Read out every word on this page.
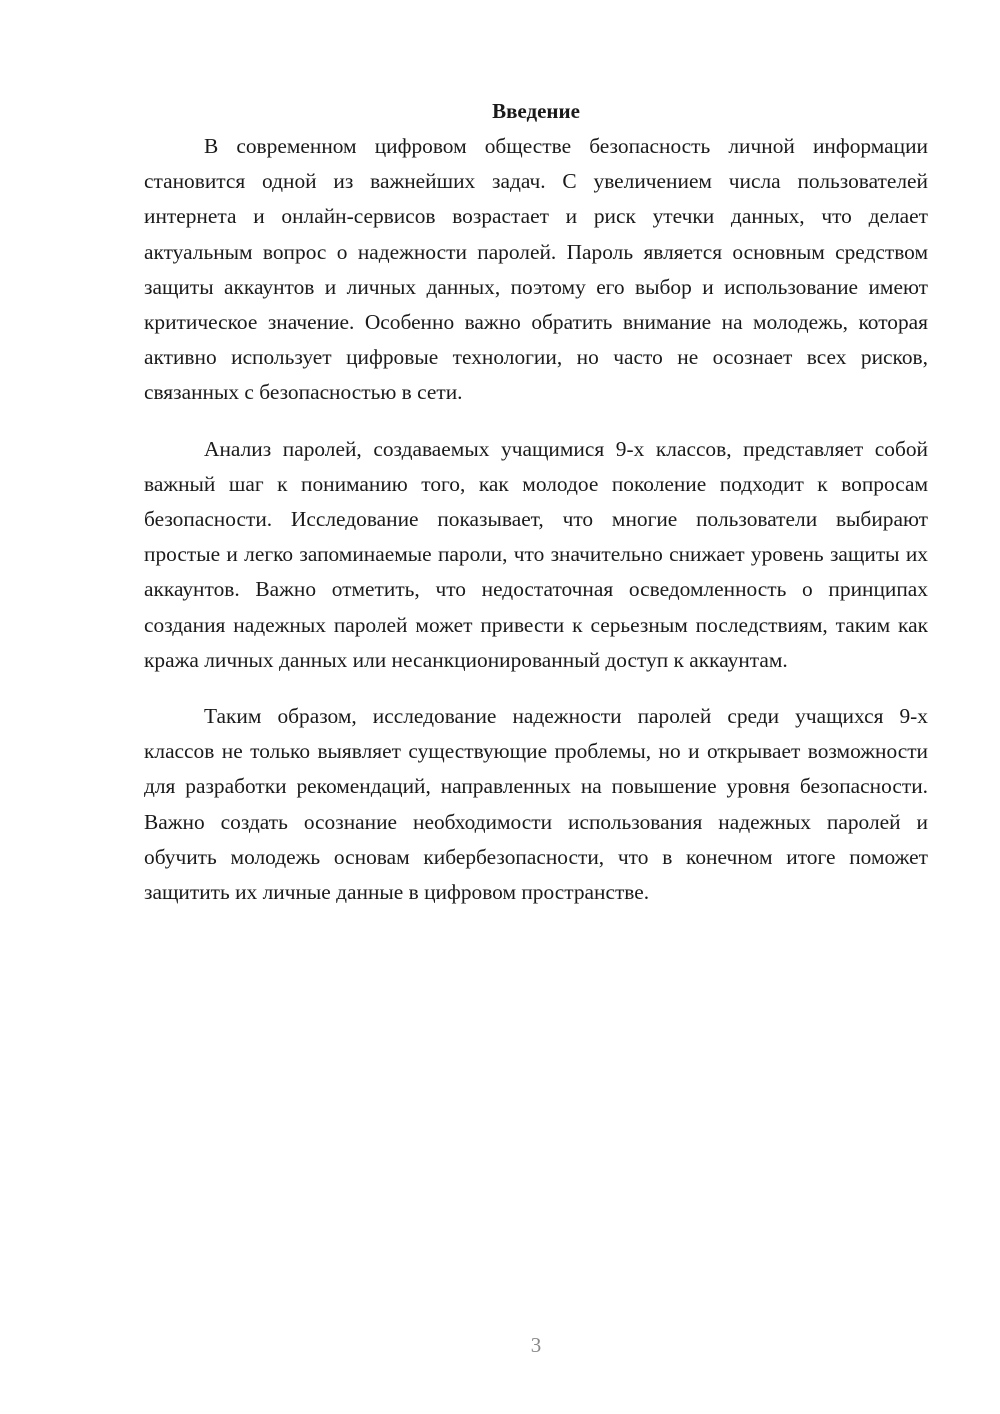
Введение

В современном цифровом обществе безопасность личной информации становится одной из важнейших задач. С увеличением числа пользователей интернета и онлайн-сервисов возрастает и риск утечки данных, что делает актуальным вопрос о надежности паролей. Пароль является основным средством защиты аккаунтов и личных данных, поэтому его выбор и использование имеют критическое значение. Особенно важно обратить внимание на молодежь, которая активно использует цифровые технологии, но часто не осознает всех рисков, связанных с безопасностью в сети.

Анализ паролей, создаваемых учащимися 9-х классов, представляет собой важный шаг к пониманию того, как молодое поколение подходит к вопросам безопасности. Исследование показывает, что многие пользователи выбирают простые и легко запоминаемые пароли, что значительно снижает уровень защиты их аккаунтов. Важно отметить, что недостаточная осведомленность о принципах создания надежных паролей может привести к серьезным последствиям, таким как кража личных данных или несанкционированный доступ к аккаунтам.

Таким образом, исследование надежности паролей среди учащихся 9-х классов не только выявляет существующие проблемы, но и открывает возможности для разработки рекомендаций, направленных на повышение уровня безопасности. Важно создать осознание необходимости использования надежных паролей и обучить молодежь основам кибербезопасности, что в конечном итоге поможет защитить их личные данные в цифровом пространстве.

3
